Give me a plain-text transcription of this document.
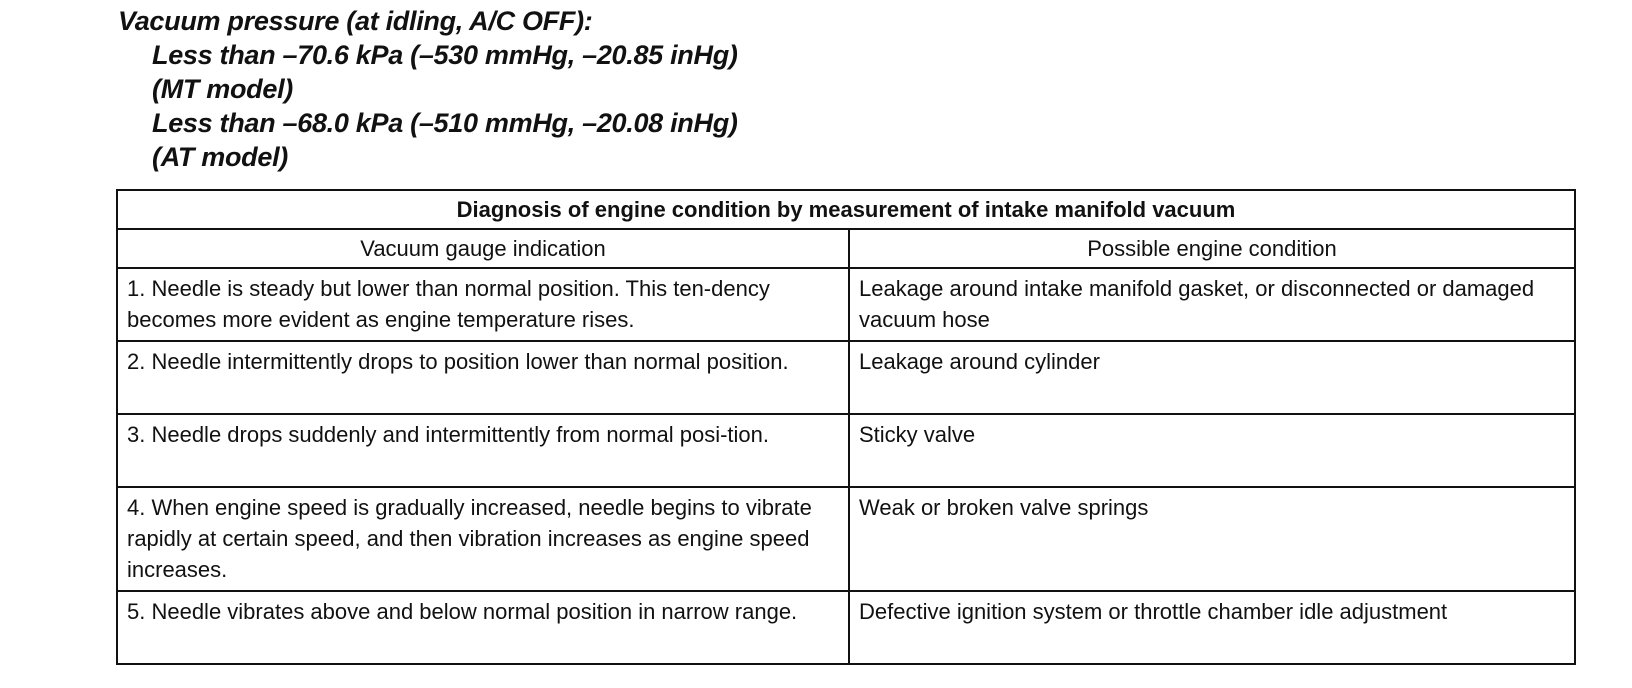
Vacuum pressure (at idling, A/C OFF):
Less than –70.6 kPa (–530 mmHg, –20.85 inHg)
(MT model)
Less than –68.0 kPa (–510 mmHg, –20.08 inHg)
(AT model)
Diagnosis of engine condition by measurement of intake manifold vacuum	
Vacuum gauge indication	Possible engine condition
1. Needle is steady but lower than normal position. This ten-dency becomes more evident as engine temperature rises.	Leakage around intake manifold gasket, or disconnected or damaged vacuum hose
2. Needle intermittently drops to position lower than normal position.	Leakage around cylinder
3. Needle drops suddenly and intermittently from normal posi-tion.	Sticky valve
4. When engine speed is gradually increased, needle begins to vibrate rapidly at certain speed, and then vibration increases as engine speed increases.	Weak or broken valve springs
5. Needle vibrates above and below normal position in narrow range.	Defective ignition system or throttle chamber idle adjustment
